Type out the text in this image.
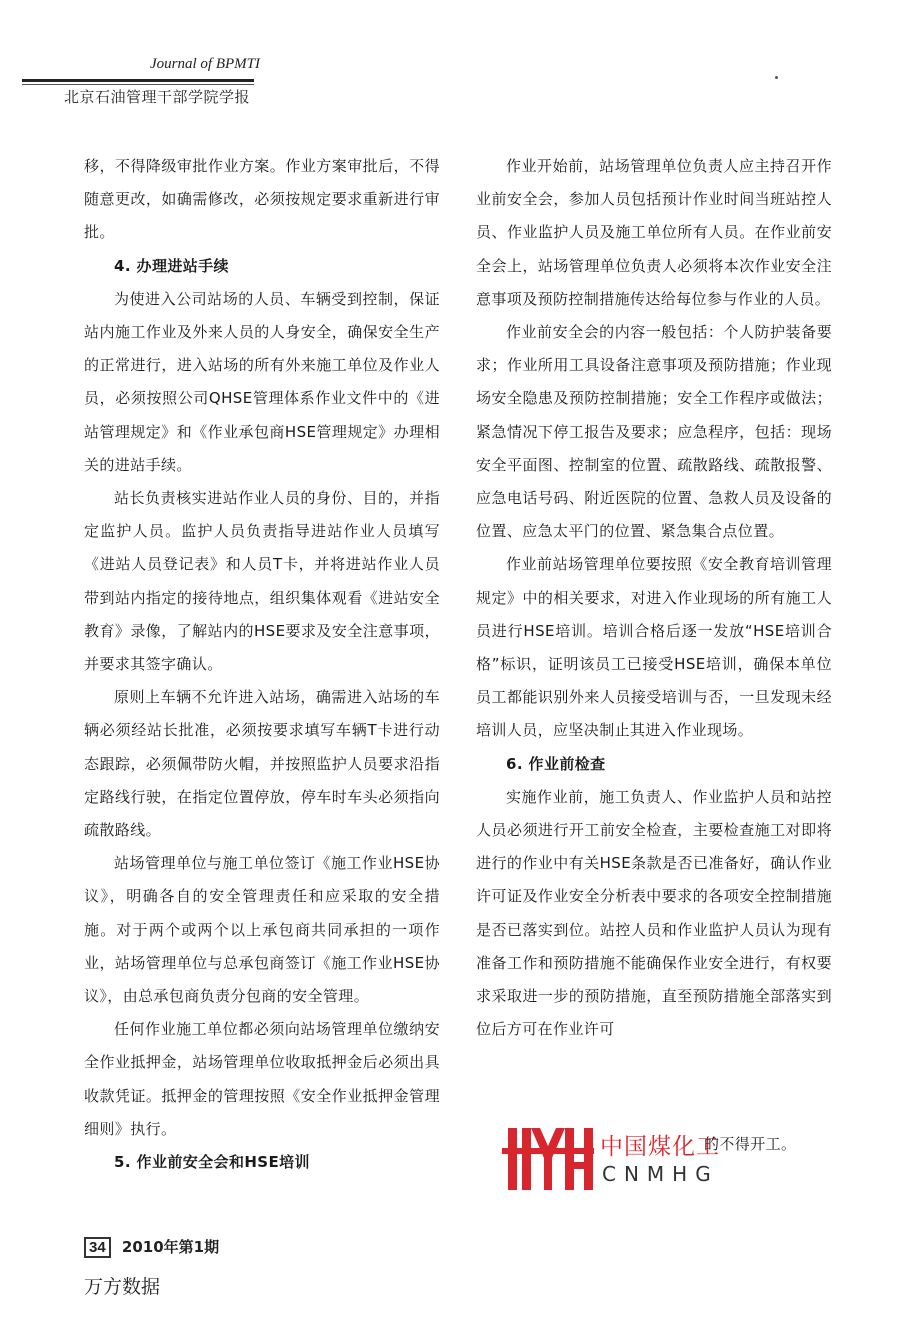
Journal of BPMTI
北京石油管理干部学院学报

移，不得降级审批作业方案。作业方案审批后，不得随意更改，如确需修改，必须按规定要求重新进行审批。

4. 办理进站手续

为使进入公司站场的人员、车辆受到控制，保证站内施工作业及外来人员的人身安全，确保安全生产的正常进行，进入站场的所有外来施工单位及作业人员，必须按照公司QHSE管理体系作业文件中的《进站管理规定》和《作业承包商HSE管理规定》办理相关的进站手续。

站长负责核实进站作业人员的身份、目的，并指定监护人员。监护人员负责指导进站作业人员填写《进站人员登记表》和人员T卡，并将进站作业人员带到站内指定的接待地点，组织集体观看《进站安全教育》录像，了解站内的HSE要求及安全注意事项，并要求其签字确认。

原则上车辆不允许进入站场，确需进入站场的车辆必须经站长批准，必须按要求填写车辆T卡进行动态跟踪，必须佩带防火帽，并按照监护人员要求沿指定路线行驶，在指定位置停放，停车时车头必须指向疏散路线。

站场管理单位与施工单位签订《施工作业HSE协议》，明确各自的安全管理责任和应采取的安全措施。对于两个或两个以上承包商共同承担的一项作业，站场管理单位与总承包商签订《施工作业HSE协议》，由总承包商负责分包商的安全管理。

任何作业施工单位都必须向站场管理单位缴纳安全作业抵押金，站场管理单位收取抵押金后必须出具收款凭证。抵押金的管理按照《安全作业抵押金管理细则》执行。

5. 作业前安全会和HSE培训

作业开始前，站场管理单位负责人应主持召开作业前安全会，参加人员包括预计作业时间当班站控人员、作业监护人员及施工单位所有人员。在作业前安全会上，站场管理单位负责人必须将本次作业安全注意事项及预防控制措施传达给每位参与作业的人员。

作业前安全会的内容一般包括：个人防护装备要求；作业所用工具设备注意事项及预防措施；作业现场安全隐患及预防控制措施；安全工作程序或做法；紧急情况下停工报告及要求；应急程序，包括：现场安全平面图、控制室的位置、疏散路线、疏散报警、应急电话号码、附近医院的位置、急救人员及设备的位置、应急太平门的位置、紧急集合点位置。

作业前站场管理单位要按照《安全教育培训管理规定》中的相关要求，对进入作业现场的所有施工人员进行HSE培训。培训合格后逐一发放“HSE培训合格”标识，证明该员工已接受HSE培训，确保本单位员工都能识别外来人员接受培训与否，一旦发现未经培训人员，应坚决制止其进入作业现场。

6. 作业前检查

实施作业前，施工负责人、作业监护人员和站控人员必须进行开工前安全检查，主要检查施工对即将进行的作业中有关HSE条款是否已准备好，确认作业许可证及作业安全分析表中要求的各项安全控制措施是否已落实到位。站控人员和作业监护人员认为现有准备工作和预防措施不能确保作业安全进行，有权要求采取进一步的预防措施，直至预防措施全部落实到位后方可在作业许可

中国煤化工
CNMHG
的不得开工。
34 2010年第1期
万方数据
